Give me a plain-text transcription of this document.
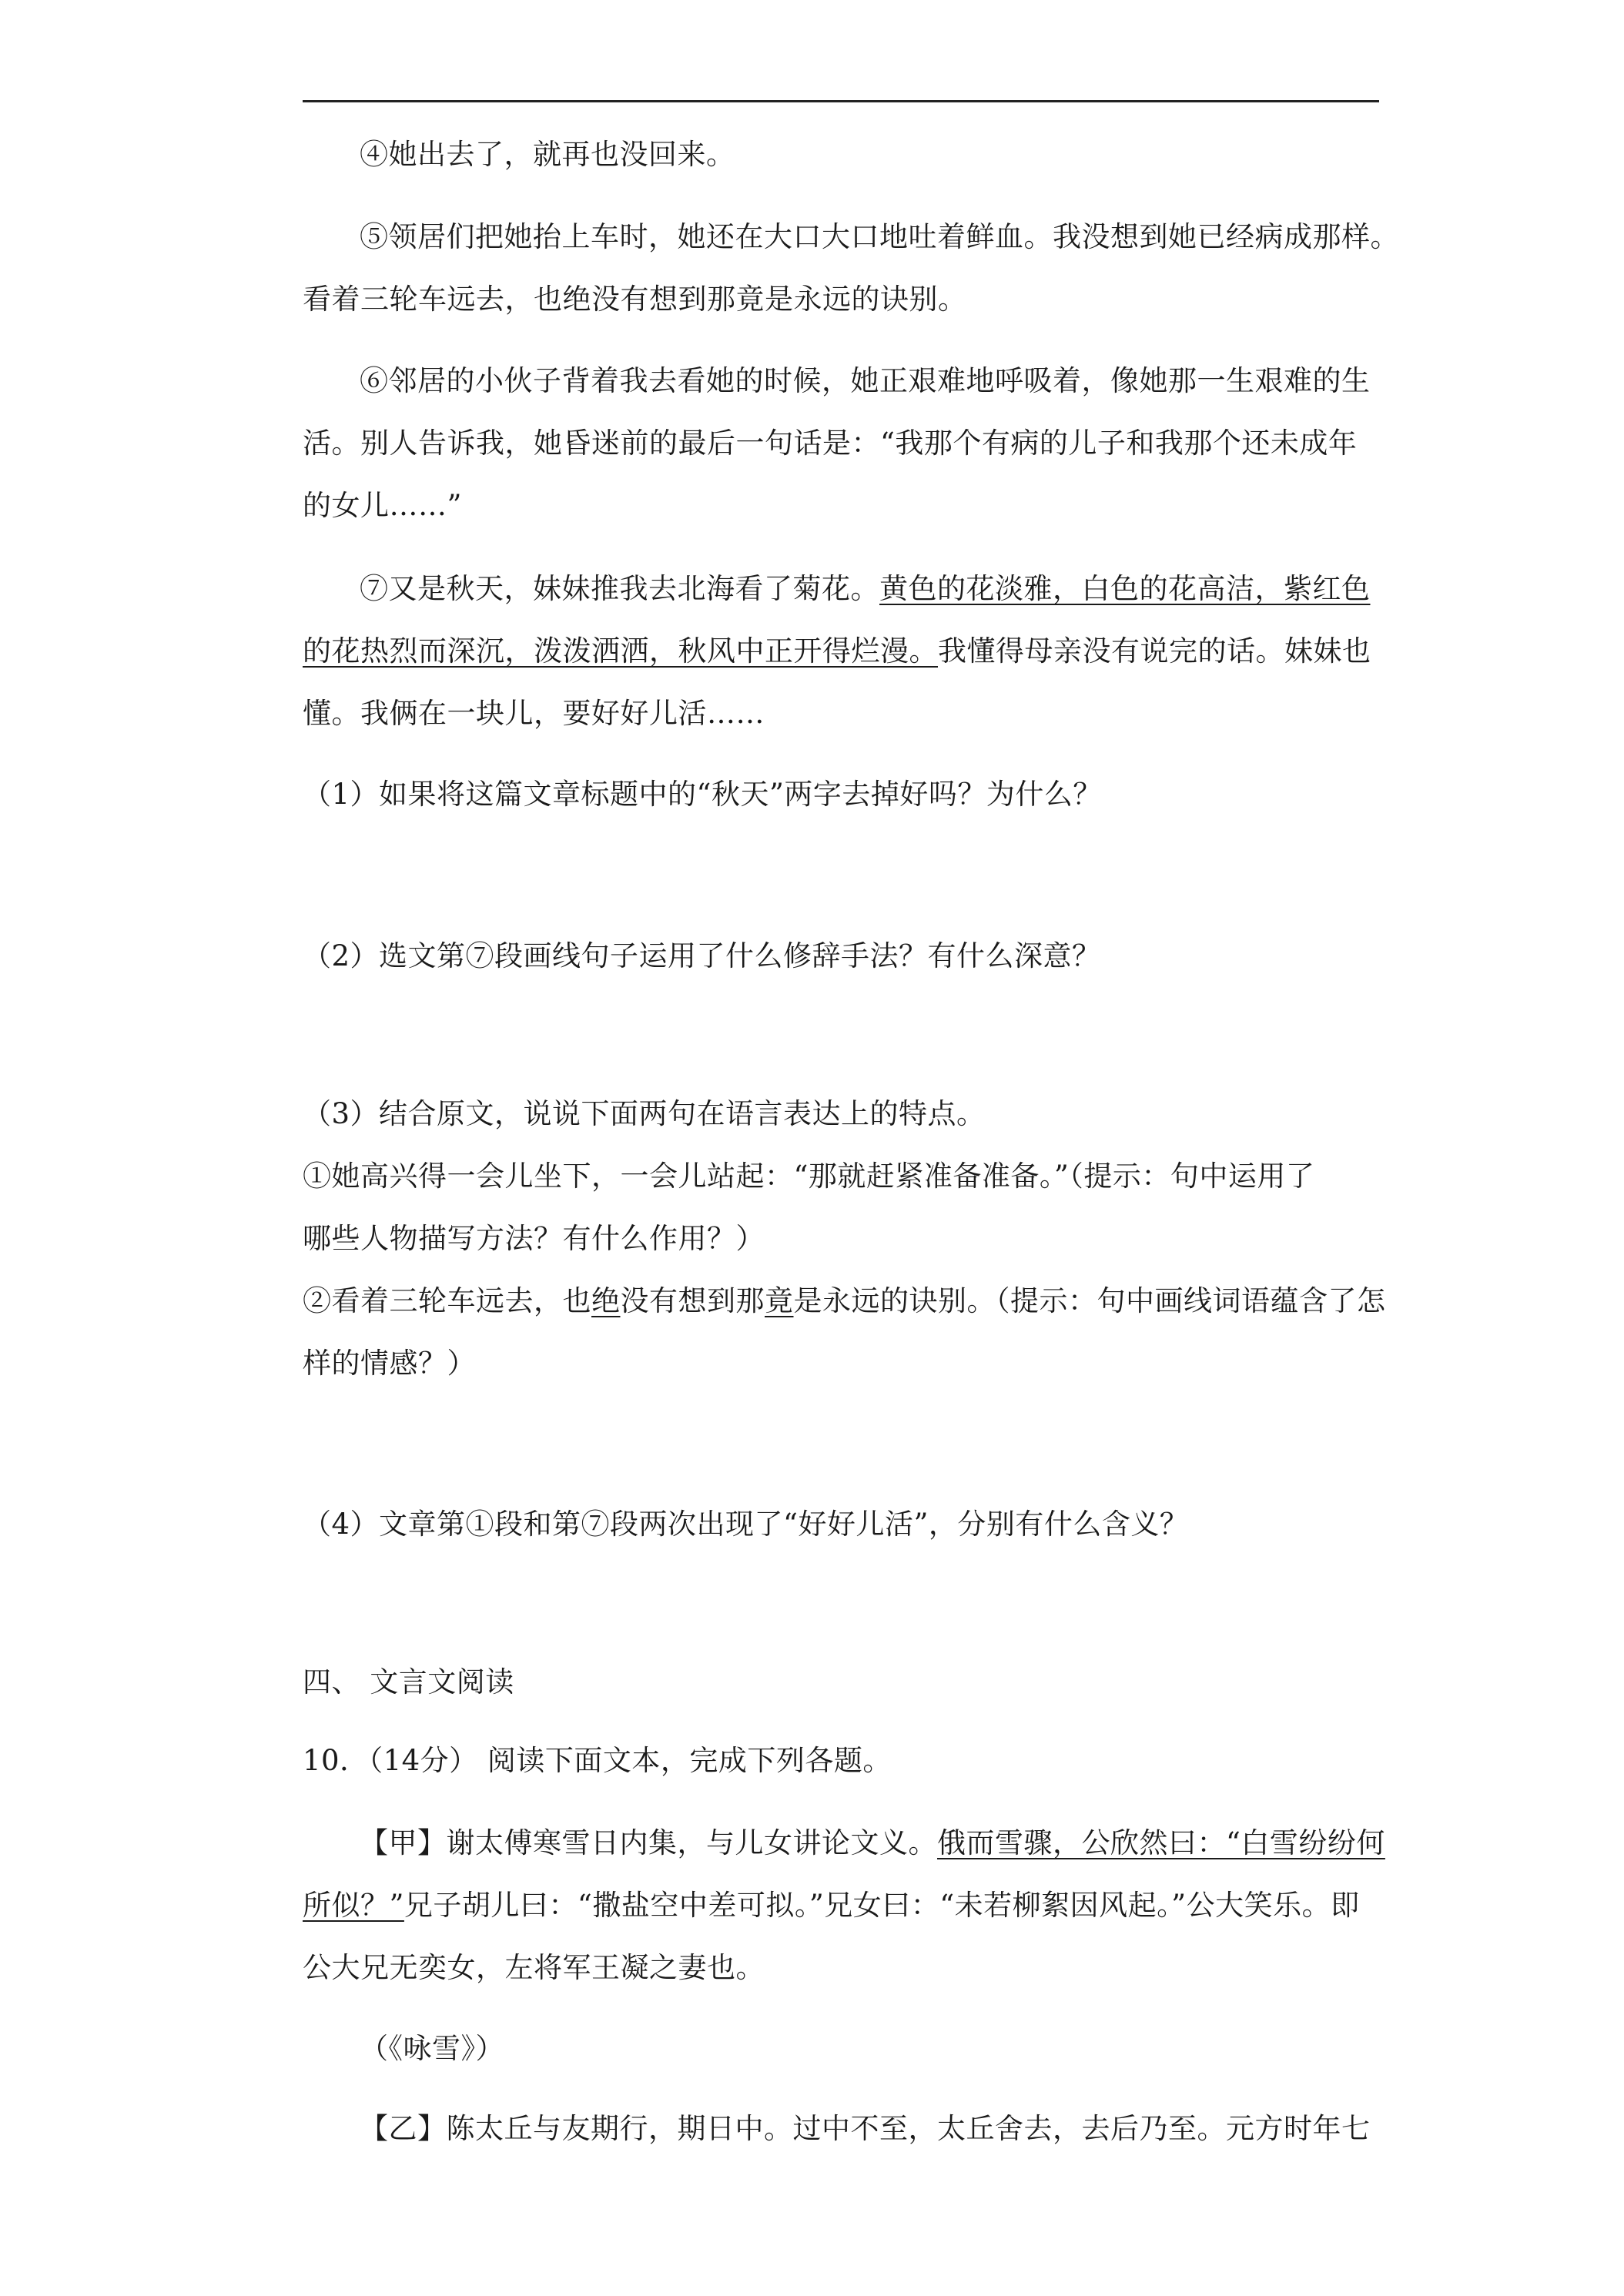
④她出去了，就再也没回来。
⑤领居们把她抬上车时，她还在大口大口地吐着鲜血。我没想到她已经病成那样。
看着三轮车远去，也绝没有想到那竟是永远的诀别。
⑥邻居的小伙子背着我去看她的时候，她正艰难地呼吸着，像她那一生艰难的生
活。别人告诉我，她昏迷前的最后一句话是：“我那个有病的儿子和我那个还未成年
的女儿……”
⑦又是秋天，妹妹推我去北海看了菊花。黄色的花淡雅，白色的花高洁，紫红色
的花热烈而深沉，泼泼洒洒，秋风中正开得烂漫。我懂得母亲没有说完的话。妹妹也
懂。我俩在一块儿，要好好儿活……
（1）如果将这篇文章标题中的“秋天”两字去掉好吗？为什么？
（2）选文第⑦段画线句子运用了什么修辞手法？有什么深意？
（3）结合原文，说说下面两句在语言表达上的特点。
①她高兴得一会儿坐下，一会儿站起：“那就赶紧准备准备。”（提示：句中运用了
哪些人物描写方法？有什么作用？）
②看着三轮车远去，也绝没有想到那竟是永远的诀别。（提示：句中画线词语蕴含了怎
样的情感？）
（4）文章第①段和第⑦段两次出现了“好好儿活”，分别有什么含义？
四、 文言文阅读
10．（14分） 阅读下面文本，完成下列各题。
【甲】谢太傅寒雪日内集，与儿女讲论文义。俄而雪骤，公欣然曰：“白雪纷纷何
所似？”兄子胡儿曰：“撒盐空中差可拟。”兄女曰：“未若柳絮因风起。”公大笑乐。即
公大兄无奕女，左将军王凝之妻也。
（《咏雪》）
【乙】陈太丘与友期行，期日中。过中不至，太丘舍去，去后乃至。元方时年七
